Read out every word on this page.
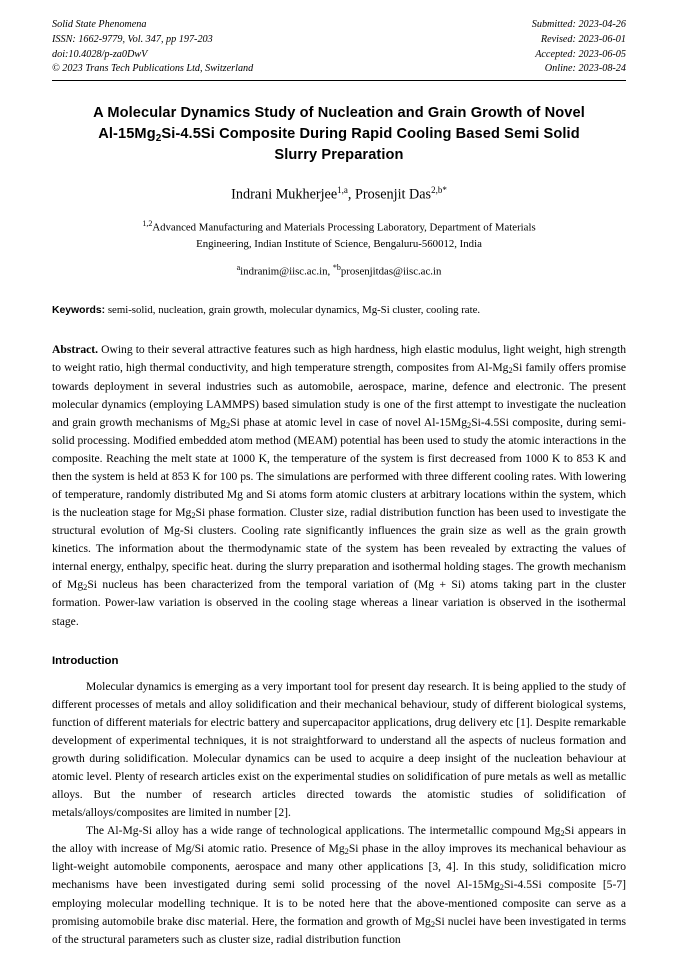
Solid State Phenomena
ISSN: 1662-9779, Vol. 347, pp 197-203
doi:10.4028/p-za0DwV
© 2023 Trans Tech Publications Ltd, Switzerland
Submitted: 2023-04-26
Revised: 2023-06-01
Accepted: 2023-06-05
Online: 2023-08-24
A Molecular Dynamics Study of Nucleation and Grain Growth of Novel
$Al-15Mg_2Si-4.5Si$ Composite During Rapid Cooling Based Semi Solid
Slurry Preparation
Indrani Mukherjee$^{1,a}$, Prosenjit Das$^{2,b*}$
$^{1,2}$Advanced Manufacturing and Materials Processing Laboratory, Department of Materials
Engineering, Indian Institute of Science, Bengaluru-560012, India
$^a$indranim@iisc.ac.in, $^{*b}$prosenjitdas@iisc.ac.in
Keywords: semi-solid, nucleation, grain growth, molecular dynamics, Mg-Si cluster, cooling rate.
Abstract. Owing to their several attractive features such as high hardness, high elastic modulus, light weight, high strength to weight ratio, high thermal conductivity, and high temperature strength, composites from $Al-Mg_2Si$ family offers promise towards deployment in several industries such as automobile, aerospace, marine, defence and electronic. The present molecular dynamics (employing LAMMPS) based simulation study is one of the first attempt to investigate the nucleation and grain growth mechanisms of $Mg_2Si$ phase at atomic level in case of novel $Al-15Mg_2Si-4.5Si$ composite, during semi-solid processing. Modified embedded atom method (MEAM) potential has been used to study the atomic interactions in the composite. Reaching the melt state at 1000 K, the temperature of the system is first decreased from 1000 K to 853 K and then the system is held at 853 K for 100 ps. The simulations are performed with three different cooling rates. With lowering of temperature, randomly distributed Mg and Si atoms form atomic clusters at arbitrary locations within the system, which is the nucleation stage for $Mg_2Si$ phase formation. Cluster size, radial distribution function has been used to investigate the structural evolution of Mg-Si clusters. Cooling rate significantly influences the grain size as well as the grain growth kinetics. The information about the thermodynamic state of the system has been revealed by extracting the values of internal energy, enthalpy, specific heat. during the slurry preparation and isothermal holding stages. The growth mechanism of $Mg_2Si$ nucleus has been characterized from the temporal variation of (Mg + Si) atoms taking part in the cluster formation. Power-law variation is observed in the cooling stage whereas a linear variation is observed in the isothermal stage.
Introduction
Molecular dynamics is emerging as a very important tool for present day research. It is being applied to the study of different processes of metals and alloy solidification and their mechanical behaviour, study of different biological systems, function of different materials for electric battery and supercapacitor applications, drug delivery etc [1]. Despite remarkable development of experimental techniques, it is not straightforward to understand all the aspects of nucleus formation and growth during solidification. Molecular dynamics can be used to acquire a deep insight of the nucleation behaviour at atomic level. Plenty of research articles exist on the experimental studies on solidification of pure metals as well as metallic alloys. But the number of research articles directed towards the atomistic studies of solidification of metals/alloys/composites are limited in number [2].
The Al-Mg-Si alloy has a wide range of technological applications. The intermetallic compound $Mg_2Si$ appears in the alloy with increase of Mg/Si atomic ratio. Presence of $Mg_2Si$ phase in the alloy improves its mechanical behaviour as light-weight automobile components, aerospace and many other applications [3, 4]. In this study, solidification micro mechanisms have been investigated during semi solid processing of the novel $Al-15Mg_2Si-4.5Si$ composite [5-7] employing molecular modelling technique. It is to be noted here that the above-mentioned composite can serve as a promising automobile brake disc material. Here, the formation and growth of $Mg_2Si$ nuclei have been investigated in terms of the structural parameters such as cluster size, radial distribution function
